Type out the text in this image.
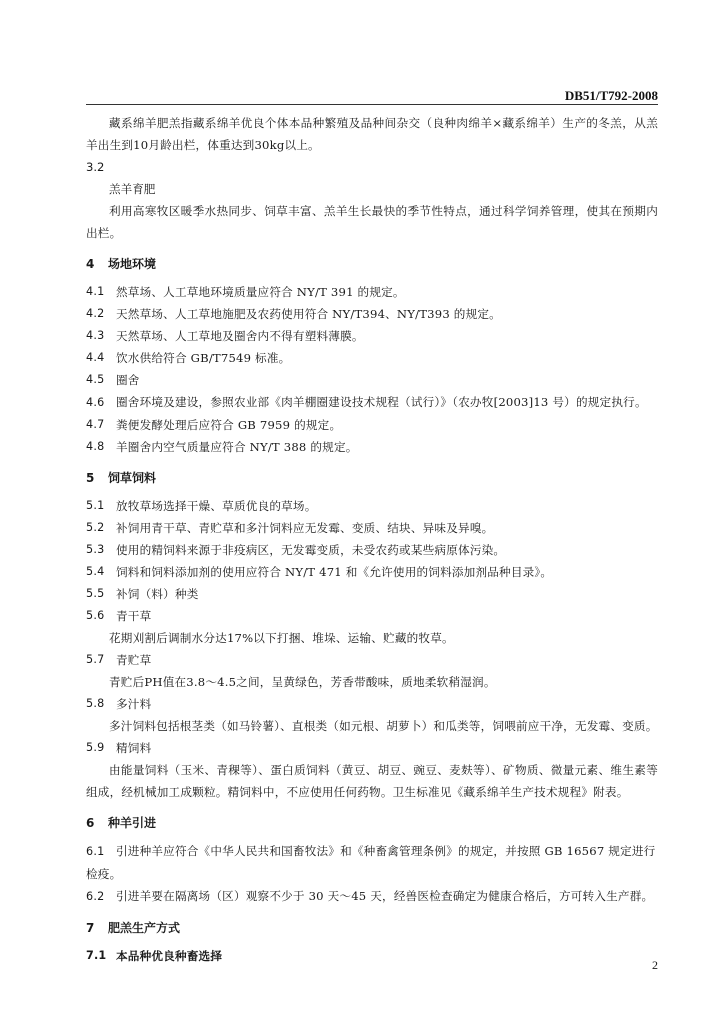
DB51/T792-2008

藏系绵羊肥羔指藏系绵羊优良个体本品种繁殖及品种间杂交（良种肉绵羊×藏系绵羊）生产的冬羔，从羔羊出生到10月龄出栏，体重达到30kg以上。

3.2

羔羊育肥

利用高寒牧区暖季水热同步、饲草丰富、羔羊生长最快的季节性特点，通过科学饲养管理，使其在预期内出栏。

4 场地环境
4.1 然草场、人工草地环境质量应符合 NY/T 391 的规定。
4.2 天然草场、人工草地施肥及农药使用符合 NY/T394、NY/T393 的规定。
4.3 天然草场、人工草地及圈舍内不得有塑料薄膜。
4.4 饮水供给符合 GB/T7549 标准。
4.5 圈舍
4.6 圈舍环境及建设，参照农业部《肉羊棚圈建设技术规程（试行）》（农办牧[2003]13 号）的规定执行。
4.7 粪便发酵处理后应符合 GB 7959 的规定。
4.8 羊圈舍内空气质量应符合 NY/T 388 的规定。
5 饲草饲料
5.1 放牧草场选择干燥、草质优良的草场。
5.2 补饲用青干草、青贮草和多汁饲料应无发霉、变质、结块、异味及异嗅。
5.3 使用的精饲料来源于非疫病区，无发霉变质，未受农药或某些病原体污染。
5.4 饲料和饲料添加剂的使用应符合 NY/T 471 和《允许使用的饲料添加剂品种目录》。
5.5 补饲（料）种类
5.6 青干草

花期刈割后调制水分达17%以下打捆、堆垛、运输、贮藏的牧草。

5.7 青贮草

青贮后PH值在3.8～4.5之间，呈黄绿色，芳香带酸味，质地柔软稍湿润。

5.8 多汁料

多汁饲料包括根茎类（如马铃薯）、直根类（如元根、胡萝卜）和瓜类等，饲喂前应干净，无发霉、变质。

5.9 精饲料

由能量饲料（玉米、青稞等）、蛋白质饲料（黄豆、胡豆、豌豆、麦麸等）、矿物质、微量元素、维生素等组成，经机械加工成颗粒。精饲料中，不应使用任何药物。卫生标准见《藏系绵羊生产技术规程》附表。

6 种羊引进
6.1 引进种羊应符合《中华人民共和国畜牧法》和《种畜禽管理条例》的规定，并按照 GB 16567 规定进行检疫。
6.2 引进羊要在隔离场（区）观察不少于 30 天～45 天，经兽医检查确定为健康合格后，方可转入生产群。
7 肥羔生产方式
7.1 本品种优良种畜选择
2
